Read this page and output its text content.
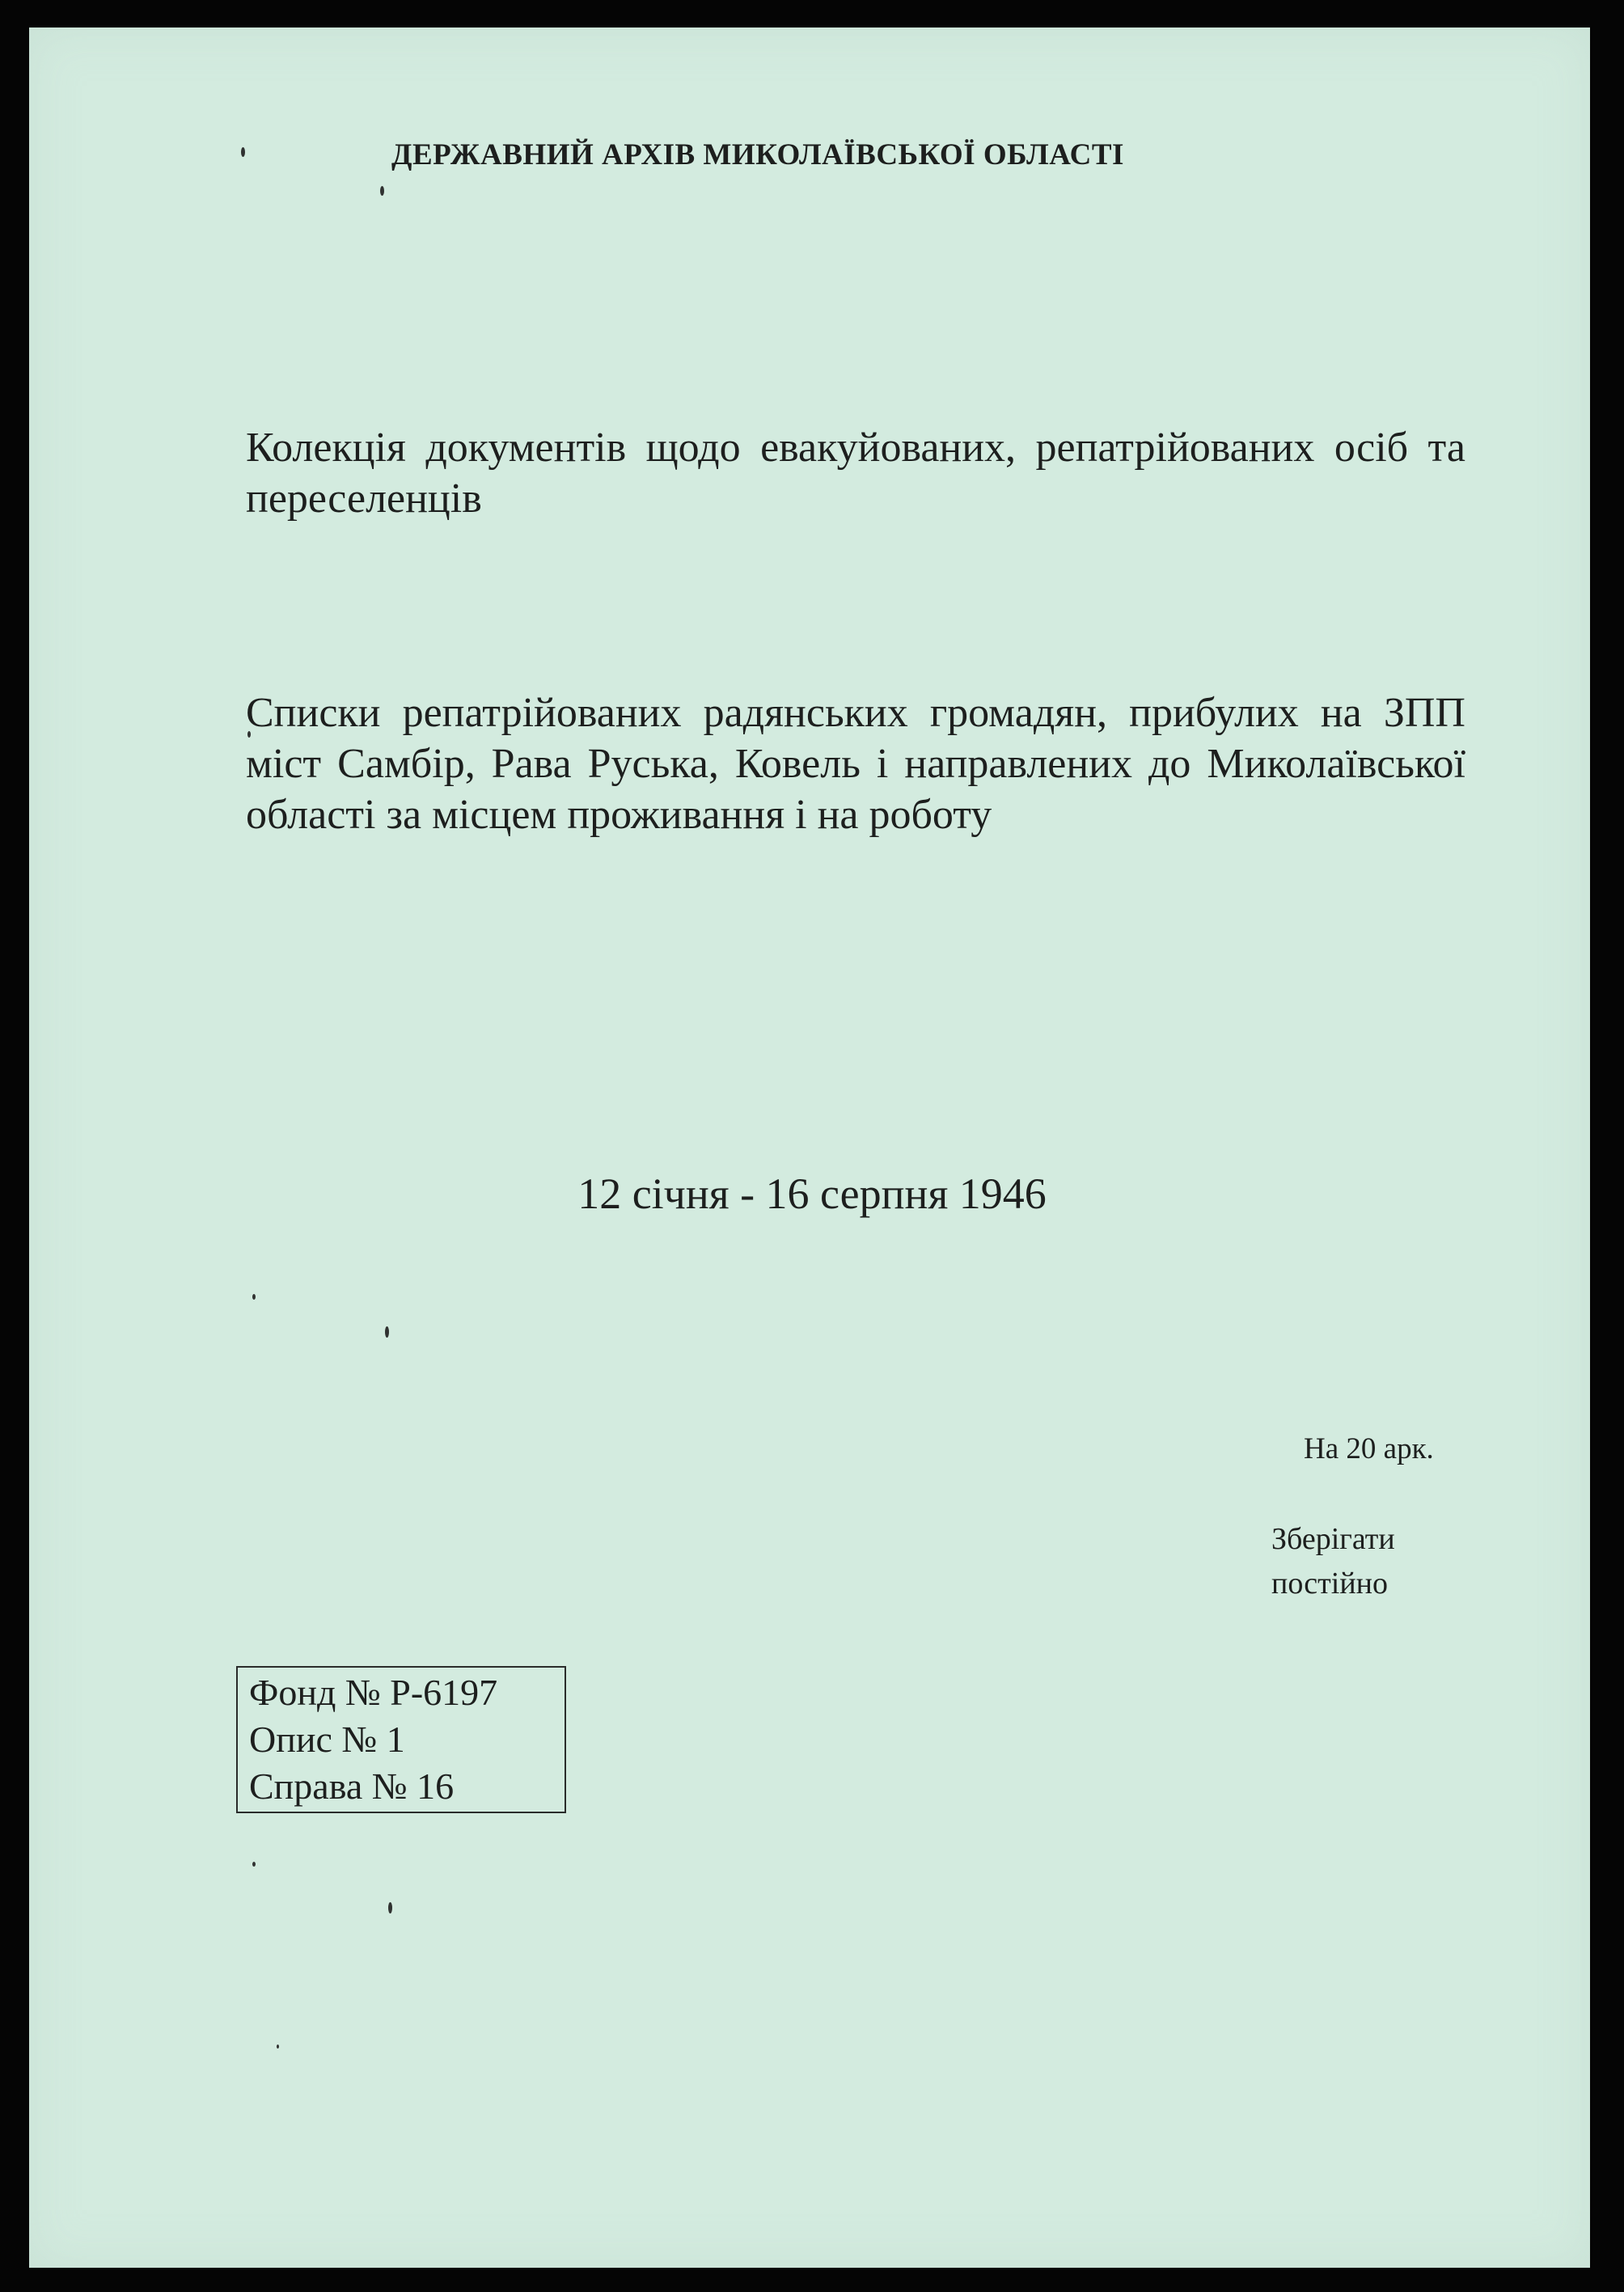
ДЕРЖАВНИЙ АРХІВ МИКОЛАЇВСЬКОЇ ОБЛАСТІ

Колекція документів щодо евакуйованих, репатрійованих осіб та переселенців

Списки репатрійованих радянських громадян, прибулих на ЗПП міст Самбір, Рава Руська, Ковель і направлених до Миколаївської області за місцем проживання і на роботу

12 січня - 16 серпня 1946
На 20 арк.
Зберігати
постійно
Фонд № Р-6197
Опис № 1
Справа № 16
